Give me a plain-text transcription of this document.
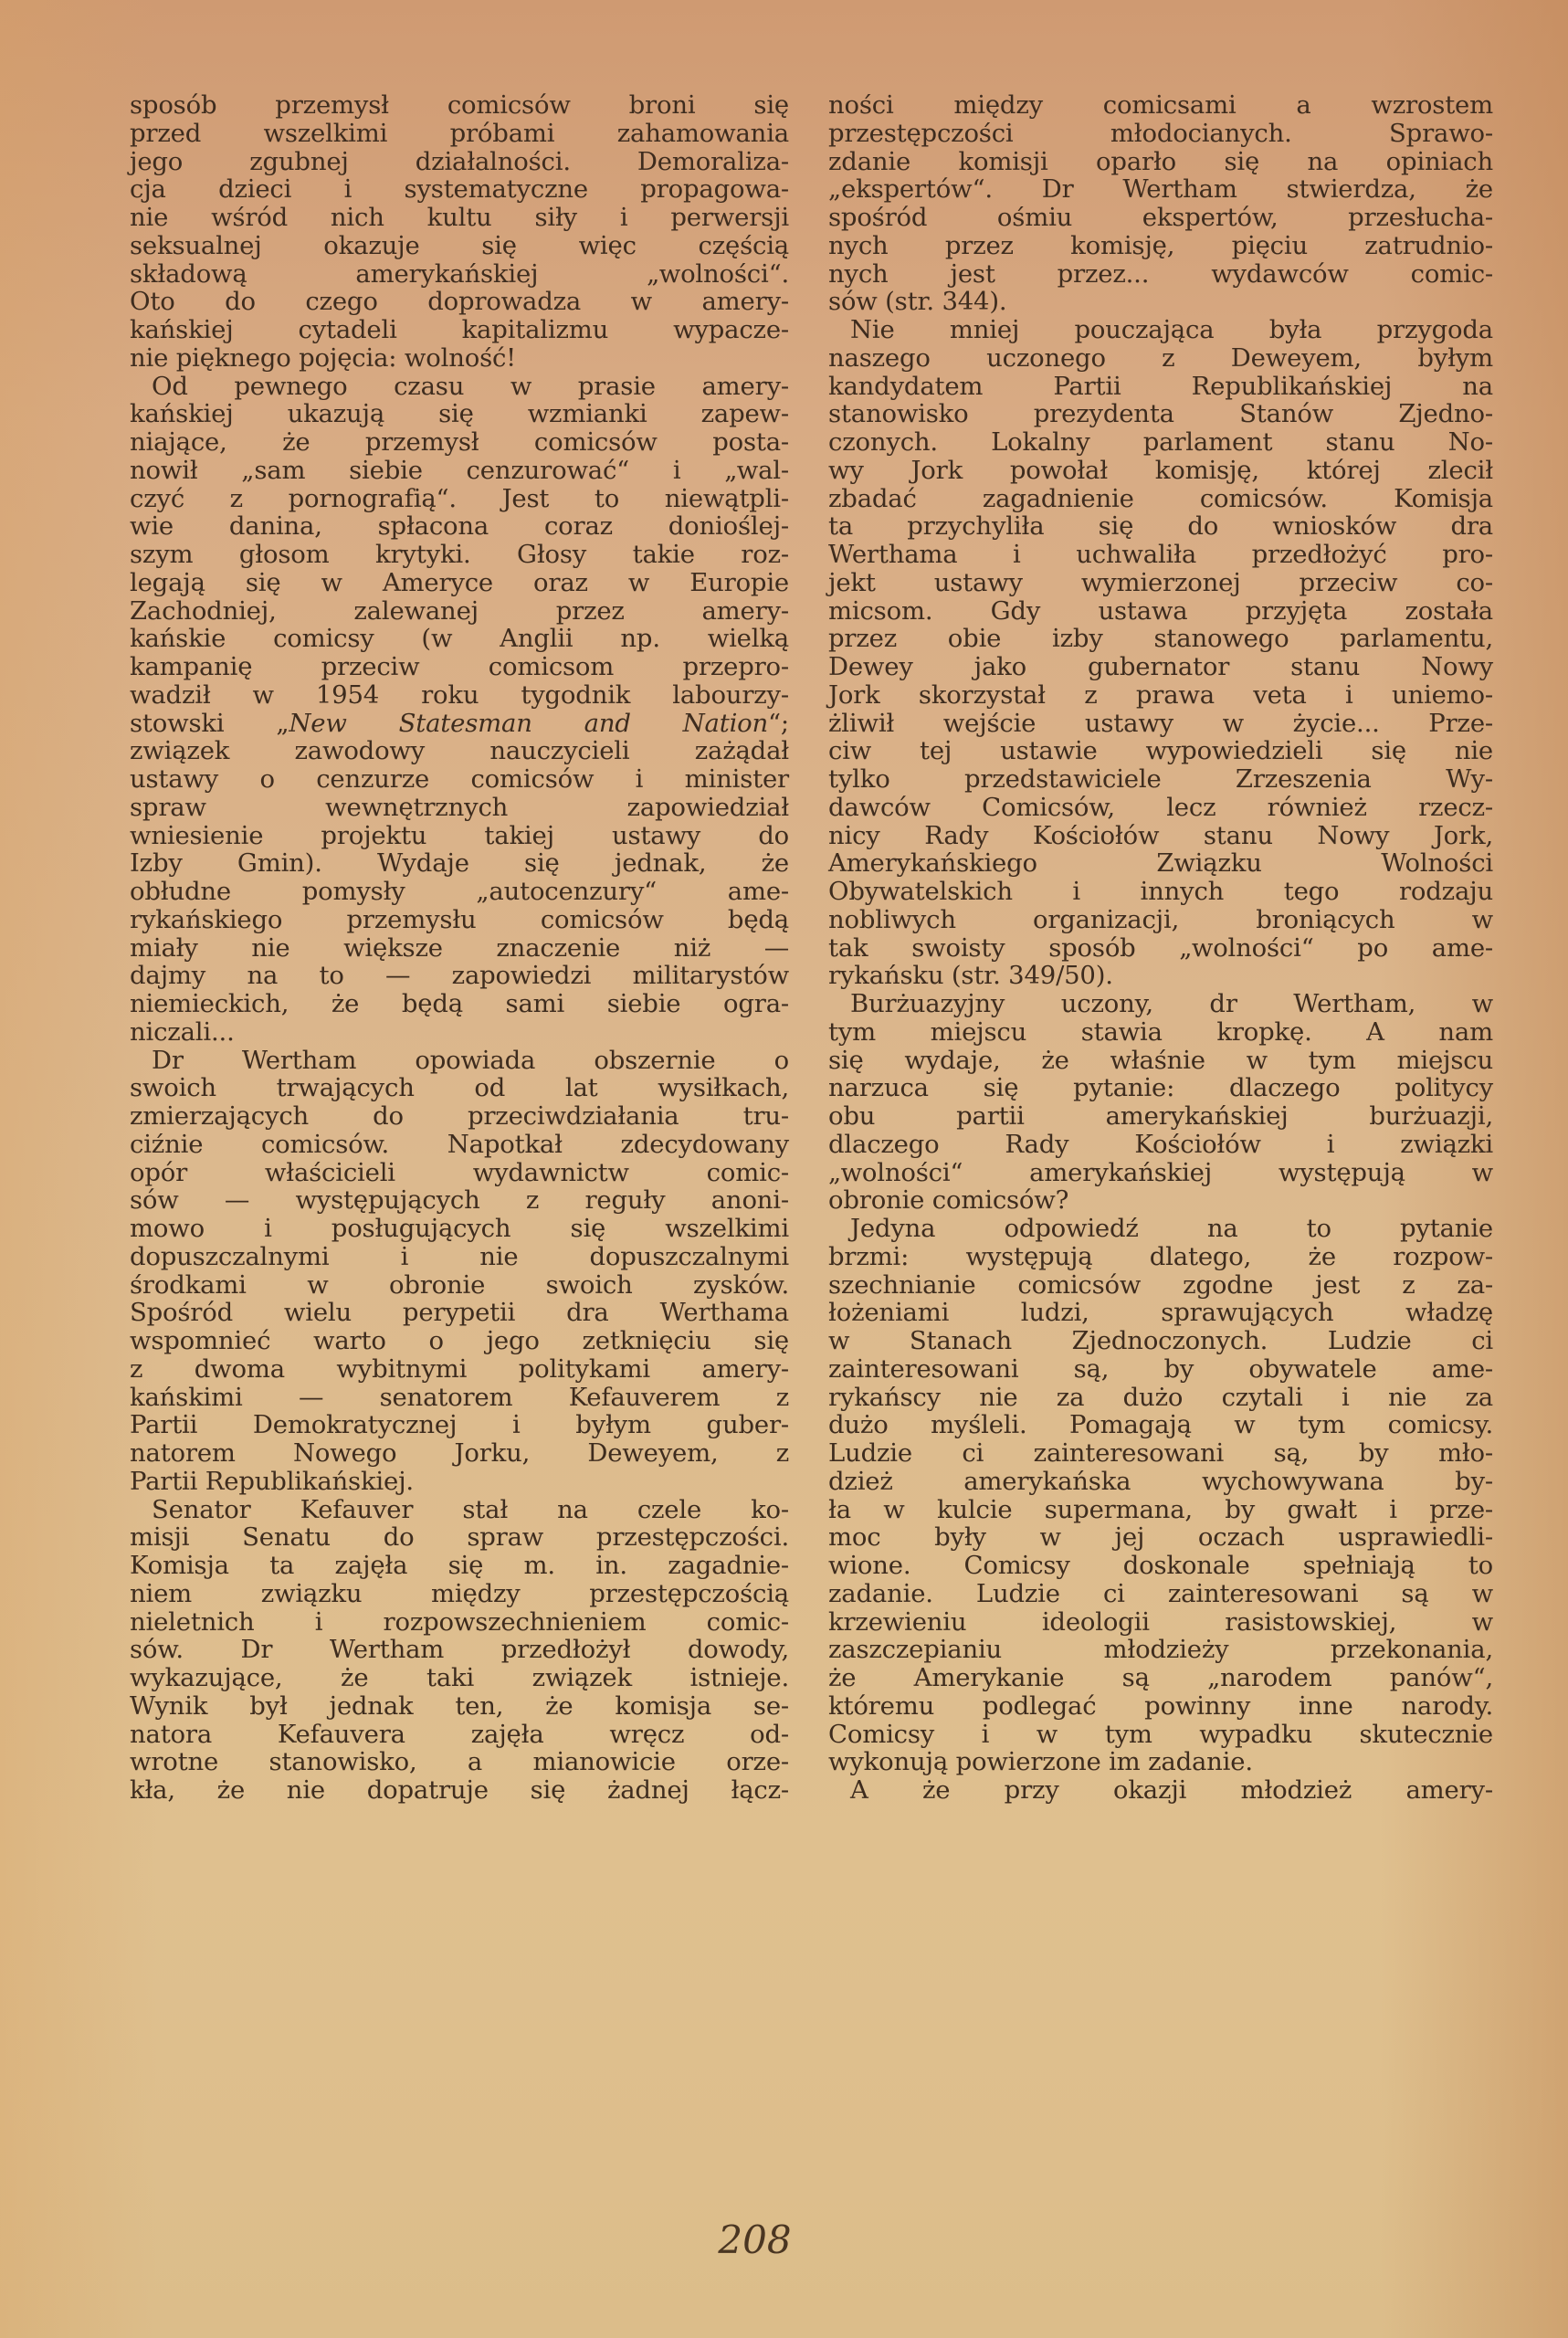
sposób przemysł comicsów broni się
przed wszelkimi próbami zahamowania
jego zgubnej działalności. Demoraliza-
cja dzieci i systematyczne propagowa-
nie wśród nich kultu siły i perwersji
seksualnej okazuje się więc częścią
składową amerykańskiej „wolności“.
Oto do czego doprowadza w amery-
kańskiej cytadeli kapitalizmu wypacze-
nie pięknego pojęcia: wolność!
Od pewnego czasu w prasie amery-
kańskiej ukazują się wzmianki zapew-
niające, że przemysł comicsów posta-
nowił „sam siebie cenzurować“ i „wal-
czyć z pornografią“. Jest to niewątpli-
wie danina, spłacona coraz donioślej-
szym głosom krytyki. Głosy takie roz-
legają się w Ameryce oraz w Europie
Zachodniej, zalewanej przez amery-
kańskie comicsy (w Anglii np. wielką
kampanię przeciw comicsom przepro-
wadził w 1954 roku tygodnik labourzy-
stowski „New Statesman and Nation“;
związek zawodowy nauczycieli zażądał
ustawy o cenzurze comicsów i minister
spraw wewnętrznych zapowiedział
wniesienie projektu takiej ustawy do
Izby Gmin). Wydaje się jednak, że
obłudne pomysły „autocenzury“ ame-
rykańskiego przemysłu comicsów będą
miały nie większe znaczenie niż —
dajmy na to — zapowiedzi militarystów
niemieckich, że będą sami siebie ogra-
niczali...
Dr Wertham opowiada obszernie o
swoich trwających od lat wysiłkach,
zmierzających do przeciwdziałania tru-
ciźnie comicsów. Napotkał zdecydowany
opór właścicieli wydawnictw comic-
sów — występujących z reguły anoni-
mowo i posługujących się wszelkimi
dopuszczalnymi i nie dopuszczalnymi
środkami w obronie swoich zysków.
Spośród wielu perypetii dra Werthama
wspomnieć warto o jego zetknięciu się
z dwoma wybitnymi politykami amery-
kańskimi — senatorem Kefauverem z
Partii Demokratycznej i byłym guber-
natorem Nowego Jorku, Deweyem, z
Partii Republikańskiej.
Senator Kefauver stał na czele ko-
misji Senatu do spraw przestępczości.
Komisja ta zajęła się m. in. zagadnie-
niem związku między przestępczością
nieletnich i rozpowszechnieniem comic-
sów. Dr Wertham przedłożył dowody,
wykazujące, że taki związek istnieje.
Wynik był jednak ten, że komisja se-
natora Kefauvera zajęła wręcz od-
wrotne stanowisko, a mianowicie orze-
kła, że nie dopatruje się żadnej łącz-
ności między comicsami a wzrostem
przestępczości młodocianych. Sprawo-
zdanie komisji oparło się na opiniach
„ekspertów“. Dr Wertham stwierdza, że
spośród ośmiu ekspertów, przesłucha-
nych przez komisję, pięciu zatrudnio-
nych jest przez... wydawców comic-
sów (str. 344).
Nie mniej pouczająca była przygoda
naszego uczonego z Deweyem, byłym
kandydatem Partii Republikańskiej na
stanowisko prezydenta Stanów Zjedno-
czonych. Lokalny parlament stanu No-
wy Jork powołał komisję, której zlecił
zbadać zagadnienie comicsów. Komisja
ta przychyliła się do wniosków dra
Werthama i uchwaliła przedłożyć pro-
jekt ustawy wymierzonej przeciw co-
micsom. Gdy ustawa przyjęta została
przez obie izby stanowego parlamentu,
Dewey jako gubernator stanu Nowy
Jork skorzystał z prawa veta i uniemo-
żliwił wejście ustawy w życie... Prze-
ciw tej ustawie wypowiedzieli się nie
tylko przedstawiciele Zrzeszenia Wy-
dawców Comicsów, lecz również rzecz-
nicy Rady Kościołów stanu Nowy Jork,
Amerykańskiego Związku Wolności
Obywatelskich i innych tego rodzaju
nobliwych organizacji, broniących w
tak swoisty sposób „wolności“ po ame-
rykańsku (str. 349/50).
Burżuazyjny uczony, dr Wertham, w
tym miejscu stawia kropkę. A nam
się wydaje, że właśnie w tym miejscu
narzuca się pytanie: dlaczego politycy
obu partii amerykańskiej burżuazji,
dlaczego Rady Kościołów i związki
„wolności“ amerykańskiej występują w
obronie comicsów?
Jedyna odpowiedź na to pytanie
brzmi: występują dlatego, że rozpow-
szechnianie comicsów zgodne jest z za-
łożeniami ludzi, sprawujących władzę
w Stanach Zjednoczonych. Ludzie ci
zainteresowani są, by obywatele ame-
rykańscy nie za dużo czytali i nie za
dużo myśleli. Pomagają w tym comicsy.
Ludzie ci zainteresowani są, by mło-
dzież amerykańska wychowywana by-
ła w kulcie supermana, by gwałt i prze-
moc były w jej oczach usprawiedli-
wione. Comicsy doskonale spełniają to
zadanie. Ludzie ci zainteresowani są w
krzewieniu ideologii rasistowskiej, w
zaszczepianiu młodzieży przekonania,
że Amerykanie są „narodem panów“,
któremu podlegać powinny inne narody.
Comicsy i w tym wypadku skutecznie
wykonują powierzone im zadanie.
A że przy okazji młodzież amery-
208
